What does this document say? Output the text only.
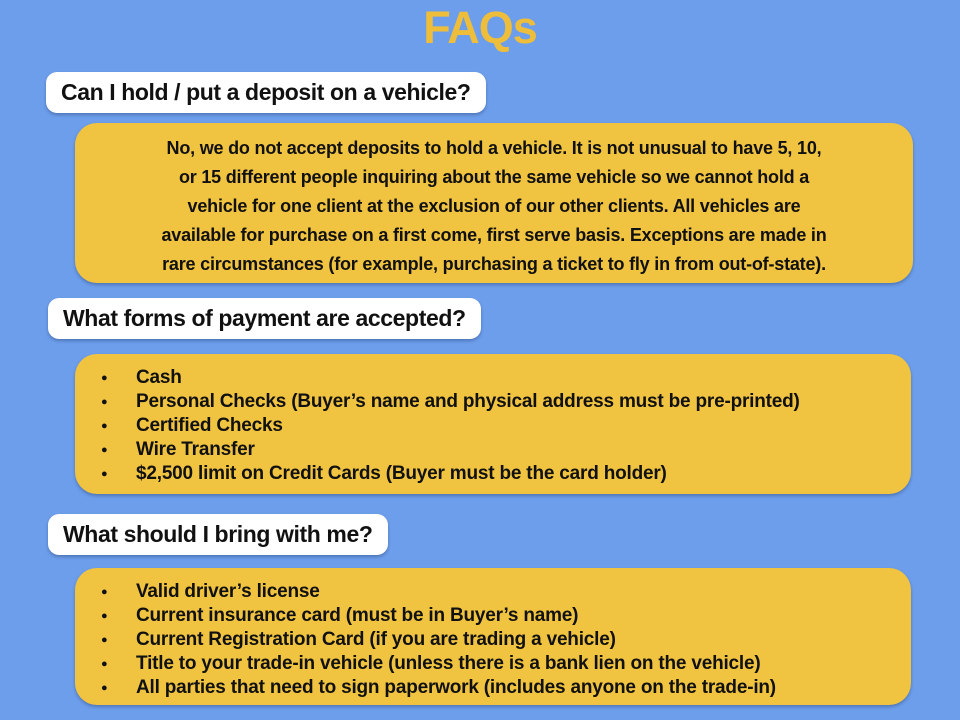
FAQs
Can I hold / put a deposit on a vehicle?
No, we do not accept deposits to hold a vehicle. It is not unusual to have 5, 10,
or 15 different people inquiring about the same vehicle so we cannot hold a
vehicle for one client at the exclusion of our other clients. All vehicles are
available for purchase on a first come, first serve basis. Exceptions are made in
rare circumstances (for example, purchasing a ticket to fly in from out-of-state).
What forms of payment are accepted?
● Cash
● Personal Checks (Buyer’s name and physical address must be pre-printed)
● Certified Checks
● Wire Transfer
● $2,500 limit on Credit Cards (Buyer must be the card holder)
What should I bring with me?
● Valid driver’s license
● Current insurance card (must be in Buyer’s name)
● Current Registration Card (if you are trading a vehicle)
● Title to your trade-in vehicle (unless there is a bank lien on the vehicle)
● All parties that need to sign paperwork (includes anyone on the trade-in)
